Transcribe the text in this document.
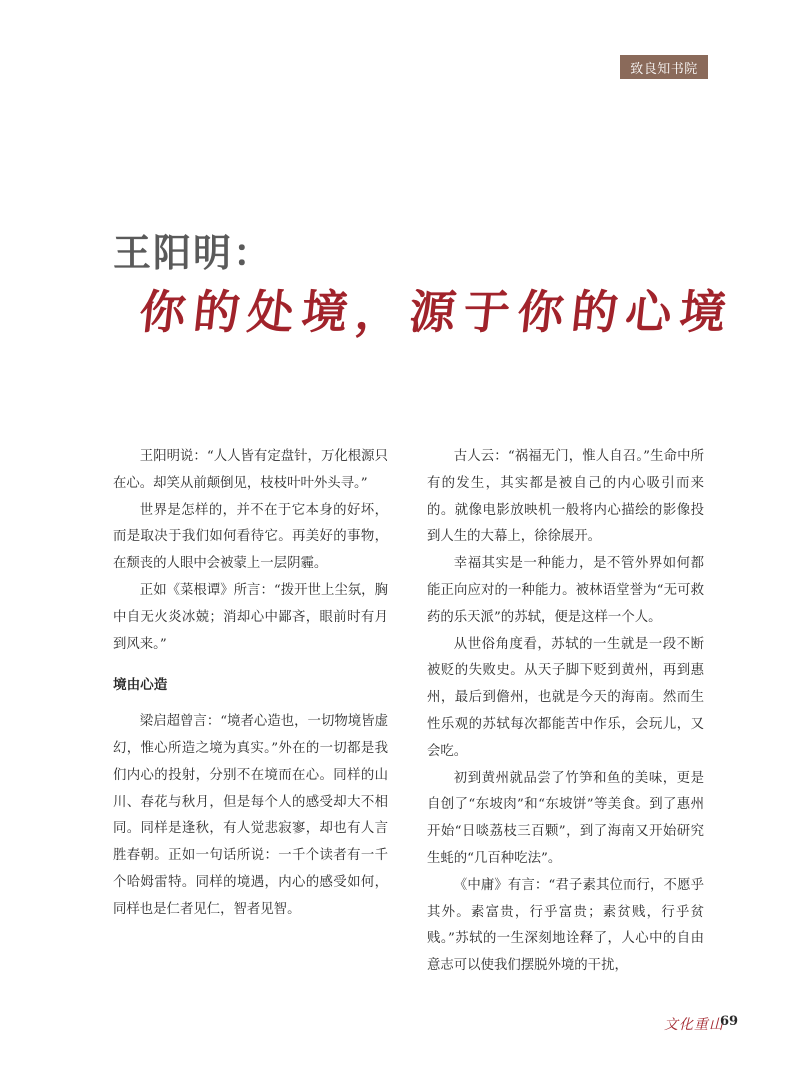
致良知书院
王阳明：
你的处境，源于你的心境

王阳明说：“人人皆有定盘针，万化根源只在心。却笑从前颠倒见，枝枝叶叶外头寻。”

世界是怎样的，并不在于它本身的好坏，而是取决于我们如何看待它。再美好的事物，在颓丧的人眼中会被蒙上一层阴霾。

正如《菜根谭》所言：“拨开世上尘氛，胸中自无火炎冰兢；消却心中鄙吝，眼前时有月到风来。”

境由心造

梁启超曾言：“境者心造也，一切物境皆虚幻，惟心所造之境为真实。”外在的一切都是我们内心的投射，分别不在境而在心。同样的山川、春花与秋月，但是每个人的感受却大不相同。同样是逢秋，有人觉悲寂寥，却也有人言胜春朝。正如一句话所说：一千个读者有一千个哈姆雷特。同样的境遇，内心的感受如何，同样也是仁者见仁，智者见智。

古人云：“祸福无门，惟人自召。”生命中所有的发生，其实都是被自己的内心吸引而来的。就像电影放映机一般将内心描绘的影像投到人生的大幕上，徐徐展开。

幸福其实是一种能力，是不管外界如何都能正向应对的一种能力。被林语堂誉为“无可救药的乐天派”的苏轼，便是这样一个人。

从世俗角度看，苏轼的一生就是一段不断被贬的失败史。从天子脚下贬到黄州，再到惠州，最后到儋州，也就是今天的海南。然而生性乐观的苏轼每次都能苦中作乐，会玩儿，又会吃。

初到黄州就品尝了竹笋和鱼的美味，更是自创了“东坡肉”和“东坡饼”等美食。到了惠州开始“日啖荔枝三百颗”，到了海南又开始研究生蚝的“几百种吃法”。

《中庸》有言：“君子素其位而行，不愿乎其外。素富贵，行乎富贵；素贫贱，行乎贫贱。”苏轼的一生深刻地诠释了，人心中的自由意志可以使我们摆脱外境的干扰，

文化重山
69
